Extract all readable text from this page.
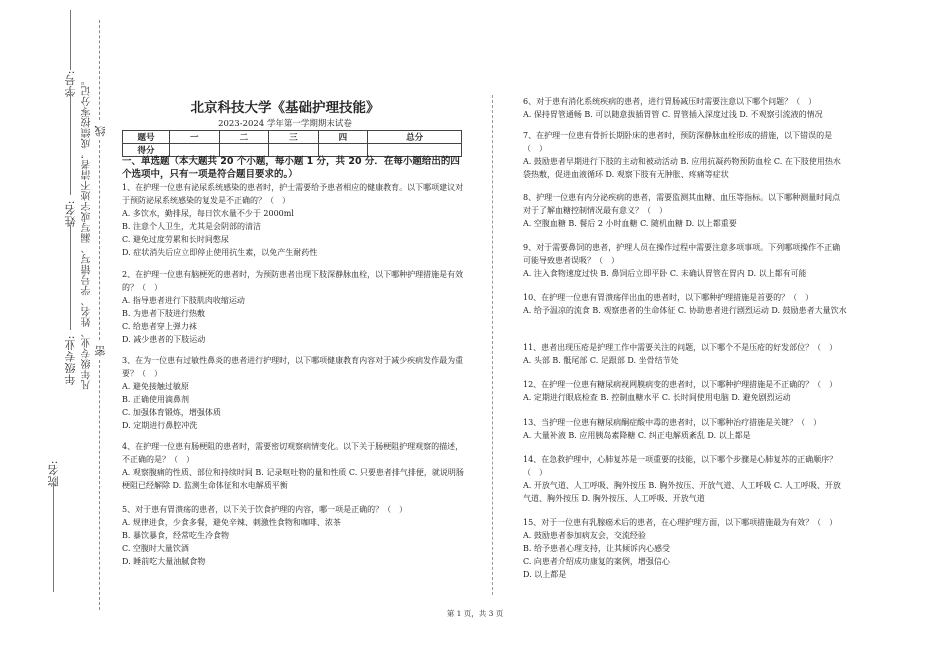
学号: 凡年级专业、姓名、学号错写、漏写或字迹不清者，成绩按零分记。 线
姓名:
年级专业: 密
院名:
北京科技大学《基础护理技能》
2023-2024 学年第一学期期末试卷
题号	一	二	三	四	总分
得分					
一、单选题（本大题共 20 个小题，每小题 1 分，共 20 分．在每小题给出的四个选项中，只有一项是符合题目要求的。）
1、在护理一位患有泌尿系统感染的患者时，护士需要给予患者相应的健康教育。以下哪项建议对于预防泌尿系统感染的复发是不正确的？（　）
A. 多饮水，勤排尿，每日饮水量不少于 2000ml
B. 注意个人卫生，尤其是会阴部的清洁
C. 避免过度劳累和长时间憋尿
D. 症状消失后应立即停止使用抗生素，以免产生耐药性
2、在护理一位患有脑梗死的患者时，为预防患者出现下肢深静脉血栓，以下哪种护理措施是有效的？（　）
A. 指导患者进行下肢肌肉收缩运动
B. 为患者下肢进行热敷
C. 给患者穿上弹力袜
D. 减少患者的下肢运动
3、在为一位患有过敏性鼻炎的患者进行护理时，以下哪项健康教育内容对于减少疾病发作最为重要？（　）
A. 避免接触过敏原
B. 正确使用滴鼻剂
C. 加强体育锻炼，增强体质
D. 定期进行鼻腔冲洗
4、在护理一位患有肠梗阻的患者时，需要密切观察病情变化。以下关于肠梗阻护理观察的描述，不正确的是？（　）
A. 观察腹痛的性质、部位和持续时间 B. 记录呕吐物的量和性质 C. 只要患者排气排便，就说明肠梗阻已经解除 D. 监测生命体征和水电解质平衡
5、对于患有胃溃疡的患者，以下关于饮食护理的内容，哪一项是正确的？（　）
A. 规律进食，少食多餐，避免辛辣、刺激性食物和咖啡、浓茶
B. 暴饮暴食，经常吃生冷食物
C. 空腹时大量饮酒
D. 睡前吃大量油腻食物
6、对于患有消化系统疾病的患者，进行胃肠减压时需要注意以下哪个问题？（　）
A. 保持胃管通畅 B. 可以随意拔插胃管 C. 胃管插入深度过浅 D. 不观察引流液的情况
7、在护理一位患有骨折长期卧床的患者时，预防深静脉血栓形成的措施，以下错误的是（　）
A. 鼓励患者早期进行下肢的主动和被动活动 B. 应用抗凝药物预防血栓 C. 在下肢使用热水袋热敷，促进血液循环 D. 观察下肢有无肿胀、疼痛等症状
8、护理一位患有内分泌疾病的患者，需要监测其血糖、血压等指标。以下哪种测量时间点对于了解血糖控制情况最有意义？（　）
A. 空腹血糖 B. 餐后 2 小时血糖 C. 随机血糖 D. 以上都重要
9、对于需要鼻饲的患者，护理人员在操作过程中需要注意多项事项。下列哪项操作不正确可能导致患者误吸？（　）
A. 注入食物速度过快 B. 鼻饲后立即平卧 C. 未确认胃管在胃内 D. 以上都有可能
10、在护理一位患有胃溃疡伴出血的患者时，以下哪种护理措施是首要的？（　）
A. 给予温凉的流食 B. 观察患者的生命体征 C. 协助患者进行剧烈运动 D. 鼓励患者大量饮水
11、患者出现压疮是护理工作中需要关注的问题，以下哪个不是压疮的好发部位？（　）
A. 头部 B. 骶尾部 C. 足跟部 D. 坐骨结节处
12、在护理一位患有糖尿病视网膜病变的患者时，以下哪种护理措施是不正确的？（　）
A. 定期进行眼底检查 B. 控制血糖水平 C. 长时间使用电脑 D. 避免剧烈运动
13、当护理一位患有糖尿病酮症酸中毒的患者时，以下哪种治疗措施是关键？（　）
A. 大量补液 B. 应用胰岛素降糖 C. 纠正电解质紊乱 D. 以上都是
14、在急救护理中，心肺复苏是一项重要的技能，以下哪个步骤是心肺复苏的正确顺序？（　）
A. 开放气道、人工呼吸、胸外按压 B. 胸外按压、开放气道、人工呼吸 C. 人工呼吸、开放气道、胸外按压 D. 胸外按压、人工呼吸、开放气道
15、对于一位患有乳腺癌术后的患者，在心理护理方面，以下哪项措施最为有效？（　）
A. 鼓励患者参加病友会，交流经验
B. 给予患者心理支持，让其倾诉内心感受
C. 向患者介绍成功康复的案例，增强信心
D. 以上都是
第 1 页，共 3 页
